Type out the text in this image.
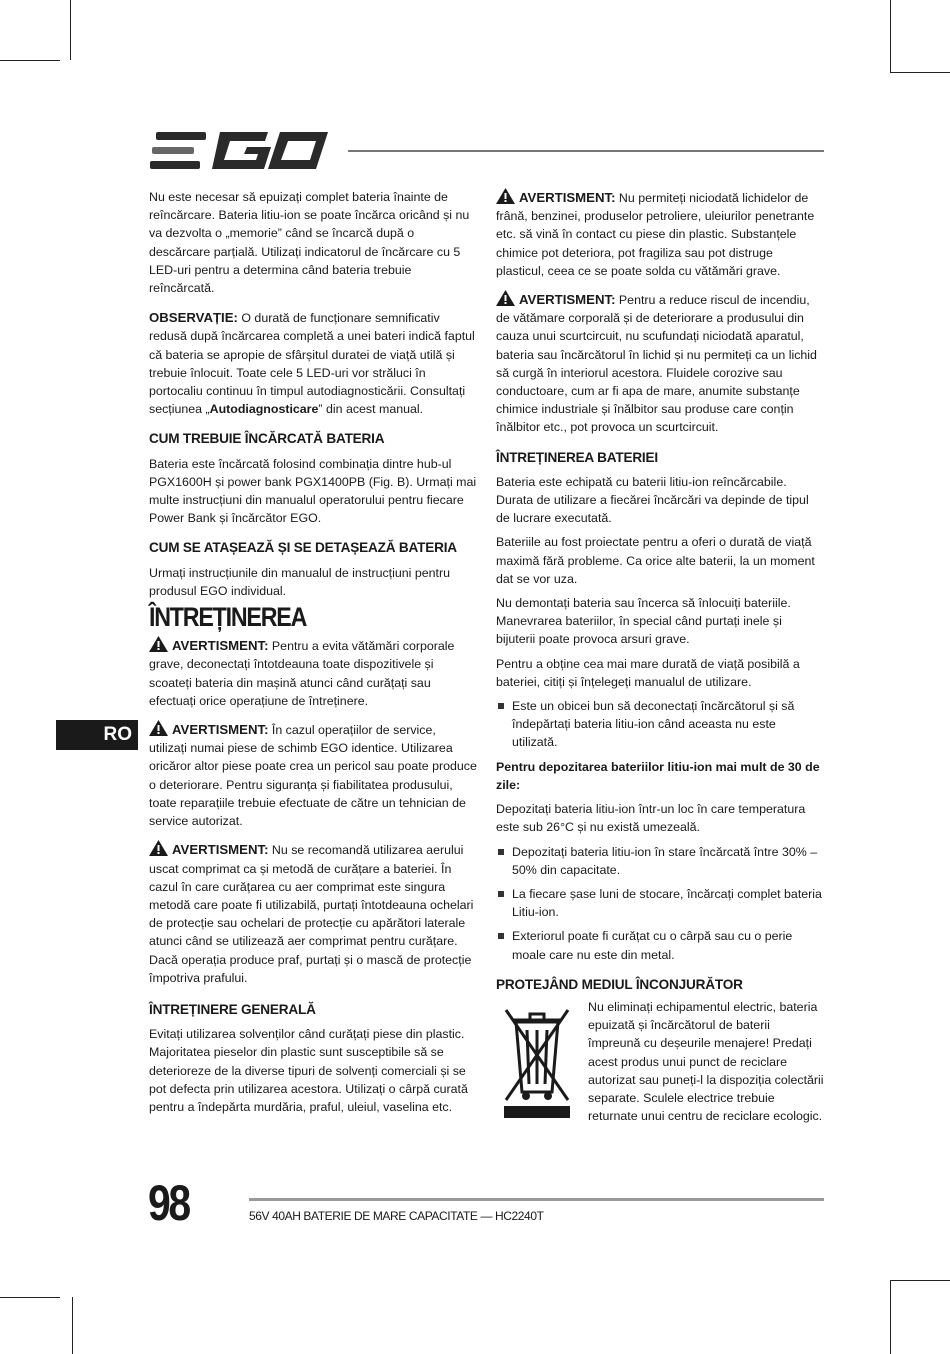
RO

Nu este necesar să epuizați complet bateria înainte de reîncărcare. Bateria litiu-ion se poate încărca oricând și nu va dezvolta o „memorie” când se încarcă după o descărcare parțială. Utilizați indicatorul de încărcare cu 5 LED-uri pentru a determina când bateria trebuie reîncărcată.

OBSERVAȚIE: O durată de funcționare semnificativ redusă după încărcarea completă a unei bateri indică faptul că bateria se apropie de sfârșitul duratei de viață utilă și trebuie înlocuit. Toate cele 5 LED-uri vor străluci în portocaliu continuu în timpul autodiagnosticării. Consultați secțiunea „Autodiagnosticare” din acest manual.

CUM TREBUIE ÎNCĂRCATĂ BATERIA

Bateria este încărcată folosind combinația dintre hub-ul PGX1600H și power bank PGX1400PB (Fig. B). Urmați mai multe instrucțiuni din manualul operatorului pentru fiecare Power Bank și încărcător EGO.

CUM SE ATAȘEAZĂ ȘI SE DETAȘEAZĂ BATERIA

Urmați instrucțiunile din manualul de instrucțiuni pentru produsul EGO individual.

ÎNTREȚINEREA

AVERTISMENT: Pentru a evita vătămări corporale grave, deconectați întotdeauna toate dispozitivele și scoateți bateria din mașină atunci când curățați sau efectuați orice operațiune de întreținere.

AVERTISMENT: În cazul operațiilor de service, utilizați numai piese de schimb EGO identice. Utilizarea oricăror altor piese poate crea un pericol sau poate produce o deteriorare. Pentru siguranța și fiabilitatea produsului, toate reparațiile trebuie efectuate de către un tehnician de service autorizat.

AVERTISMENT: Nu se recomandă utilizarea aerului uscat comprimat ca și metodă de curățare a bateriei. În cazul în care curățarea cu aer comprimat este singura metodă care poate fi utilizabilă, purtați întotdeauna ochelari de protecție sau ochelari de protecție cu apărători laterale atunci când se utilizează aer comprimat pentru curățare. Dacă operația produce praf, purtați și o mască de protecție împotriva prafului.

ÎNTREȚINERE GENERALĂ

Evitați utilizarea solvenților când curățați piese din plastic. Majoritatea pieselor din plastic sunt susceptibile să se deterioreze de la diverse tipuri de solvenți comerciali și se pot defecta prin utilizarea acestora. Utilizați o cârpă curată pentru a îndepărta murdăria, praful, uleiul, vaselina etc.

AVERTISMENT: Nu permiteți niciodată lichidelor de frână, benzinei, produselor petroliere, uleiurilor penetrante etc. să vină în contact cu piese din plastic. Substanțele chimice pot deteriora, pot fragiliza sau pot distruge plasticul, ceea ce se poate solda cu vătămări grave.

AVERTISMENT: Pentru a reduce riscul de incendiu, de vătămare corporală și de deteriorare a produsului din cauza unui scurtcircuit, nu scufundați niciodată aparatul, bateria sau încărcătorul în lichid și nu permiteți ca un lichid să curgă în interiorul acestora. Fluidele corozive sau conductoare, cum ar fi apa de mare, anumite substanțe chimice industriale și înălbitor sau produse care conțin înălbitor etc., pot provoca un scurtcircuit.

ÎNTREȚINEREA BATERIEI

Bateria este echipată cu baterii litiu-ion reîncărcabile. Durata de utilizare a fiecărei încărcări va depinde de tipul de lucrare executată.

Bateriile au fost proiectate pentru a oferi o durată de viață maximă fără probleme. Ca orice alte baterii, la un moment dat se vor uza.

Nu demontați bateria sau încerca să înlocuiți bateriile. Manevrarea bateriilor, în special când purtați inele și bijuterii poate provoca arsuri grave.

Pentru a obține cea mai mare durată de viață posibilă a bateriei, citiți și înțelegeți manualul de utilizare.

Este un obicei bun să deconectați încărcătorul și să îndepărtați bateria litiu-ion când aceasta nu este utilizată.

Pentru depozitarea bateriilor litiu-ion mai mult de 30 de zile:

Depozitați bateria litiu-ion într-un loc în care temperatura este sub 26°C și nu există umezeală.

Depozitați bateria litiu-ion în stare încărcată între 30% – 50% din capacitate.
La fiecare șase luni de stocare, încărcați complet bateria Litiu-ion.
Exteriorul poate fi curățat cu o cârpă sau cu o perie moale care nu este din metal.
PROTEJÂND MEDIUL ÎNCONJURĂTOR

Nu eliminați echipamentul electric, bateria epuizată și încărcătorul de baterii împreună cu deșeurile menajere! Predați acest produs unui punct de reciclare autorizat sau puneți-l la dispoziția colectării separate. Sculele electrice trebuie returnate unui centru de reciclare ecologic.

98	56V 40AH BATERIE DE MARE CAPACITATE — HC2240T
